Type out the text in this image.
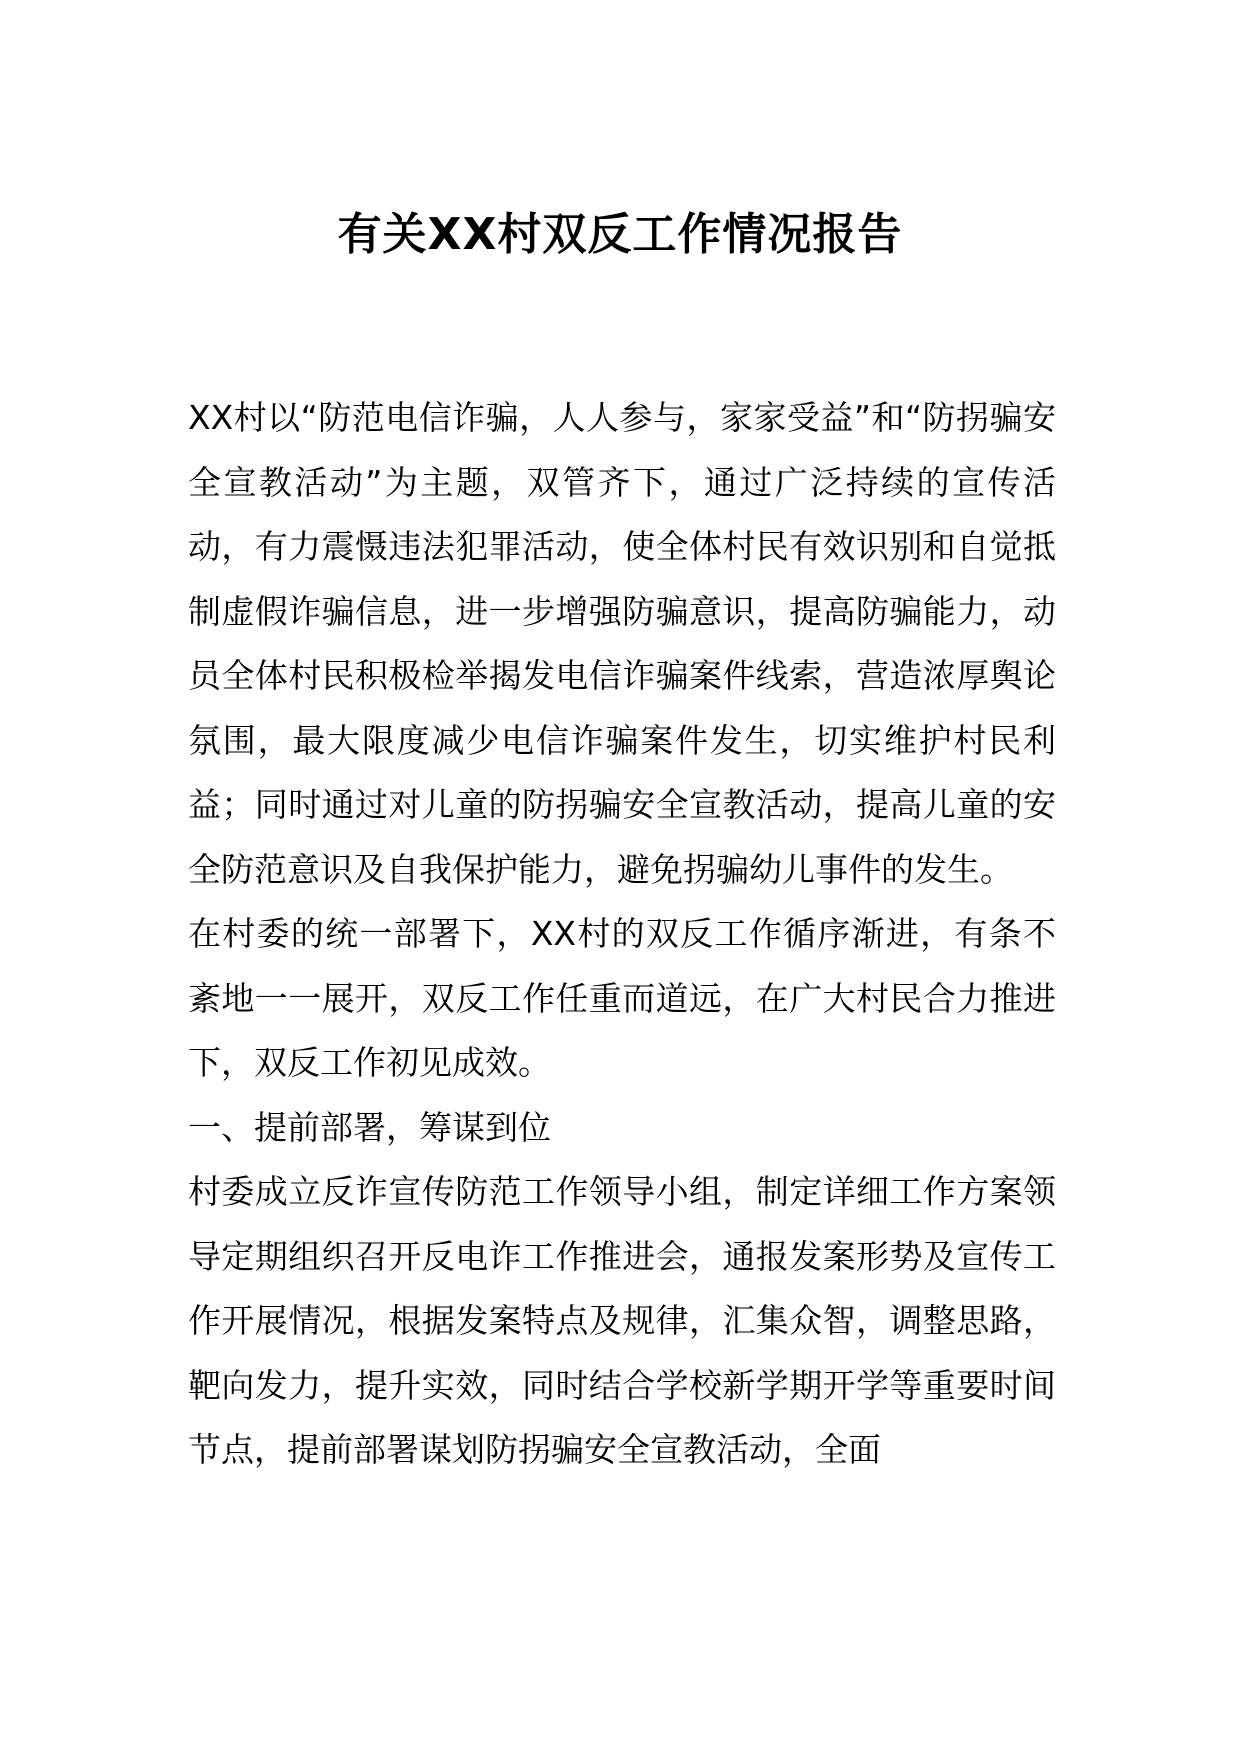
有关XX村双反工作情况报告

XX村以“防范电信诈骗，人人参与，家家受益”和“防拐骗安全宣教活动”为主题，双管齐下，通过广泛持续的宣传活动，有力震慑违法犯罪活动，使全体村民有效识别和自觉抵制虚假诈骗信息，进一步增强防骗意识，提高防骗能力，动员全体村民积极检举揭发电信诈骗案件线索，营造浓厚舆论氛围，最大限度减少电信诈骗案件发生，切实维护村民利益；同时通过对儿童的防拐骗安全宣教活动，提高儿童的安全防范意识及自我保护能力，避免拐骗幼儿事件的发生。

在村委的统一部署下，XX村的双反工作循序渐进，有条不紊地一一展开，双反工作任重而道远，在广大村民合力推进下，双反工作初见成效。

一、提前部署，筹谋到位

村委成立反诈宣传防范工作领导小组，制定详细工作方案领导定期组织召开反电诈工作推进会，通报发案形势及宣传工作开展情况，根据发案特点及规律，汇集众智，调整思路，靶向发力，提升实效，同时结合学校新学期开学等重要时间节点，提前部署谋划防拐骗安全宣教活动，全面
